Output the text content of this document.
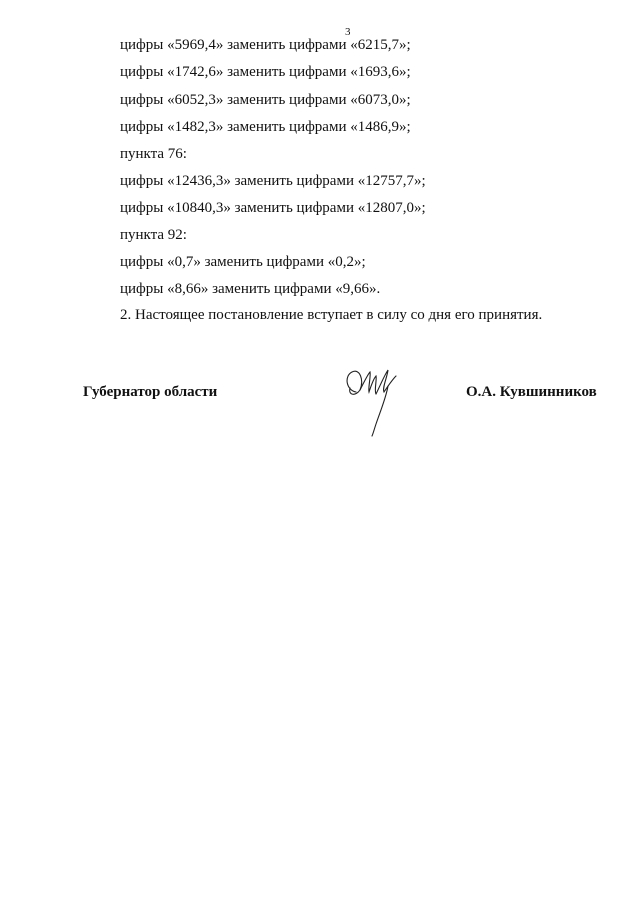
3
цифры «5969,4» заменить цифрами «6215,7»;
цифры «1742,6» заменить цифрами «1693,6»;
цифры «6052,3» заменить цифрами «6073,0»;
цифры «1482,3» заменить цифрами «1486,9»;
пункта 76:
цифры «12436,3» заменить цифрами «12757,7»;
цифры «10840,3» заменить цифрами «12807,0»;
пункта 92:
цифры «0,7» заменить цифрами «0,2»;
цифры «8,66» заменить цифрами «9,66».
2. Настоящее постановление вступает в силу со дня его принятия.
Губернатор области	О.А. Кувшинников
